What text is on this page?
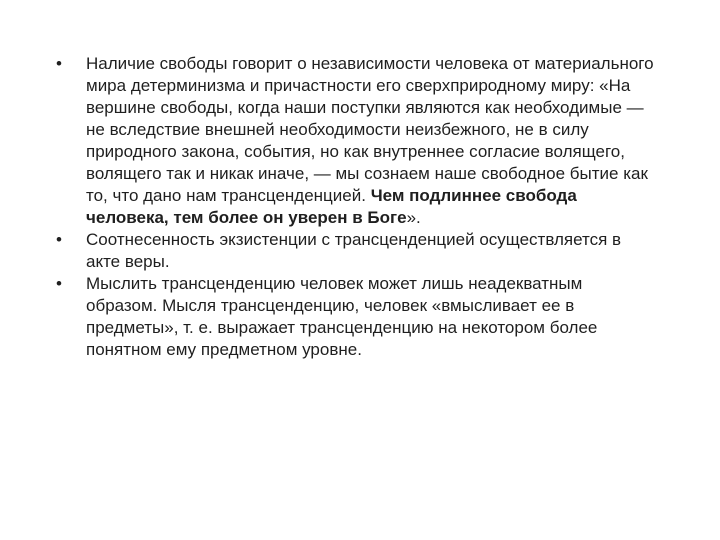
•	Наличие свободы говорит о независимости человека от материального мира детерминизма и причастности его сверхприродному миру: «На вершине свободы, когда наши поступки являются как необходимые — не вследствие внешней необходимости неизбежного, не в силу природного закона, события, но как внутреннее согласие волящего, волящего так и никак иначе, — мы сознаем наше свободное бытие как то, что дано нам трансценденцией. Чем подлиннее свобода человека, тем более он уверен в Боге».
•	Соотнесенность экзистенции с трансценденцией осуществляется в акте веры.
•	Мыслить трансценденцию человек может лишь неадекватным образом. Мысля трансценденцию, человек «вмысливает ее в предметы», т. е. выражает трансценденцию на некотором более понятном ему предметном уровне.
